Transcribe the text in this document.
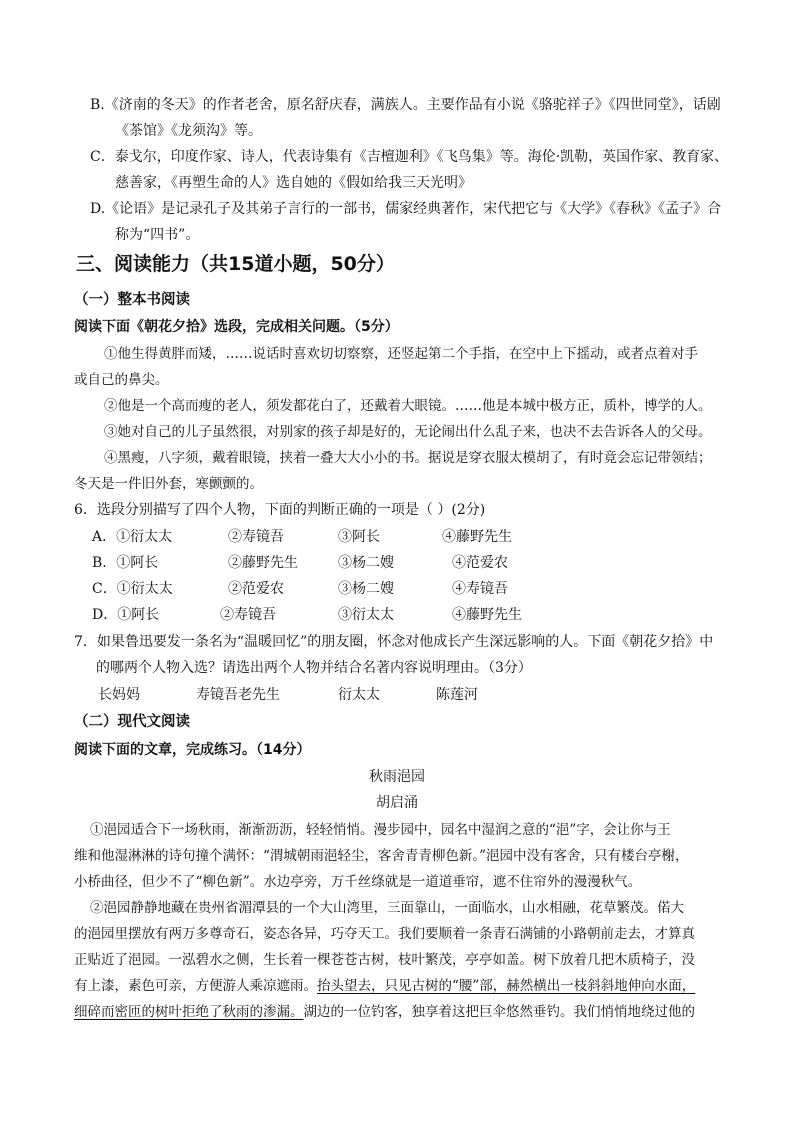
B.《济南的冬天》的作者老舍，原名舒庆春，满族人。主要作品有小说《骆驼祥子》《四世同堂》，话剧
《茶馆》《龙须沟》等。
C．泰戈尔，印度作家、诗人，代表诗集有《吉檀迦利》《飞鸟集》等。海伦·凯勒，英国作家、教育家、
慈善家，《再塑生命的人》选自她的《假如给我三天光明》
D.《论语》是记录孔子及其弟子言行的一部书，儒家经典著作，宋代把它与《大学》《春秋》《孟子》合
称为“四书”。
三、阅读能力（共15道小题，50分）
（一）整本书阅读
阅读下面《朝花夕拾》选段，完成相关问题。（5分）
①他生得黄胖而矮，……说话时喜欢切切察察，还竖起第二个手指，在空中上下摇动，或者点着对手
或自己的鼻尖。
②他是一个高而瘦的老人，须发都花白了，还戴着大眼镜。……他是本城中极方正，质朴，博学的人。
③她对自己的儿子虽然很，对别家的孩子却是好的，无论闹出什么乱子来，也决不去告诉各人的父母。
④黑瘦，八字须，戴着眼镜，挟着一叠大大小小的书。据说是穿衣服太模胡了，有时竟会忘记带领结；
冬天是一件旧外套，寒颤颤的。
6．选段分别描写了四个人物，下面的判断正确的一项是（ ）(2分)
A．①衍太太	②寿镜吾	③阿长	④藤野先生
B．①阿长	②藤野先生	③杨二嫂	④范爱农
C．①衍太太	②范爱农	③杨二嫂	④寿镜吾
D．①阿长	②寿镜吾	③衍太太	④藤野先生
7．如果鲁迅要发一条名为“温暖回忆”的朋友圈，怀念对他成长产生深远影响的人。下面《朝花夕拾》中
的哪两个人物入选？请选出两个人物并结合名著内容说明理由。（3分）
长妈妈	寿镜吾老先生	衍太太	陈莲河
（二）现代文阅读
阅读下面的文章，完成练习。（14分）
秋雨浥园
胡启涌
①浥园适合下一场秋雨，渐渐沥沥，轻轻悄悄。漫步园中，园名中湿润之意的“浥”字，会让你与王
维和他湿淋淋的诗句撞个满怀：“渭城朝雨浥轻尘，客舍青青柳色新。”浥园中没有客舍，只有楼台亭榭，
小桥曲径，但少不了“柳色新”。水边亭旁，万千丝绦就是一道道垂帘，遮不住帘外的漫漫秋气。
②浥园静静地藏在贵州省湄潭县的一个大山湾里，三面靠山，一面临水，山水相融，花草繁茂。偌大
的浥园里摆放有两万多尊奇石，姿态各异，巧夺天工。我们要顺着一条青石满铺的小路朝前走去，才算真
正贴近了浥园。一泓碧水之侧，生长着一棵苍苍古树，枝叶繁茂，亭亭如盖。树下放着几把木质椅子，没
有上漆，素色可亲，方便游人乘凉遮雨。抬头望去，只见古树的“腰”部，赫然横出一枝斜斜地伸向水面，
细碎而密匝的树叶拒绝了秋雨的渗漏。湖边的一位钓客，独享着这把巨伞悠然垂钓。我们悄悄地绕过他的
